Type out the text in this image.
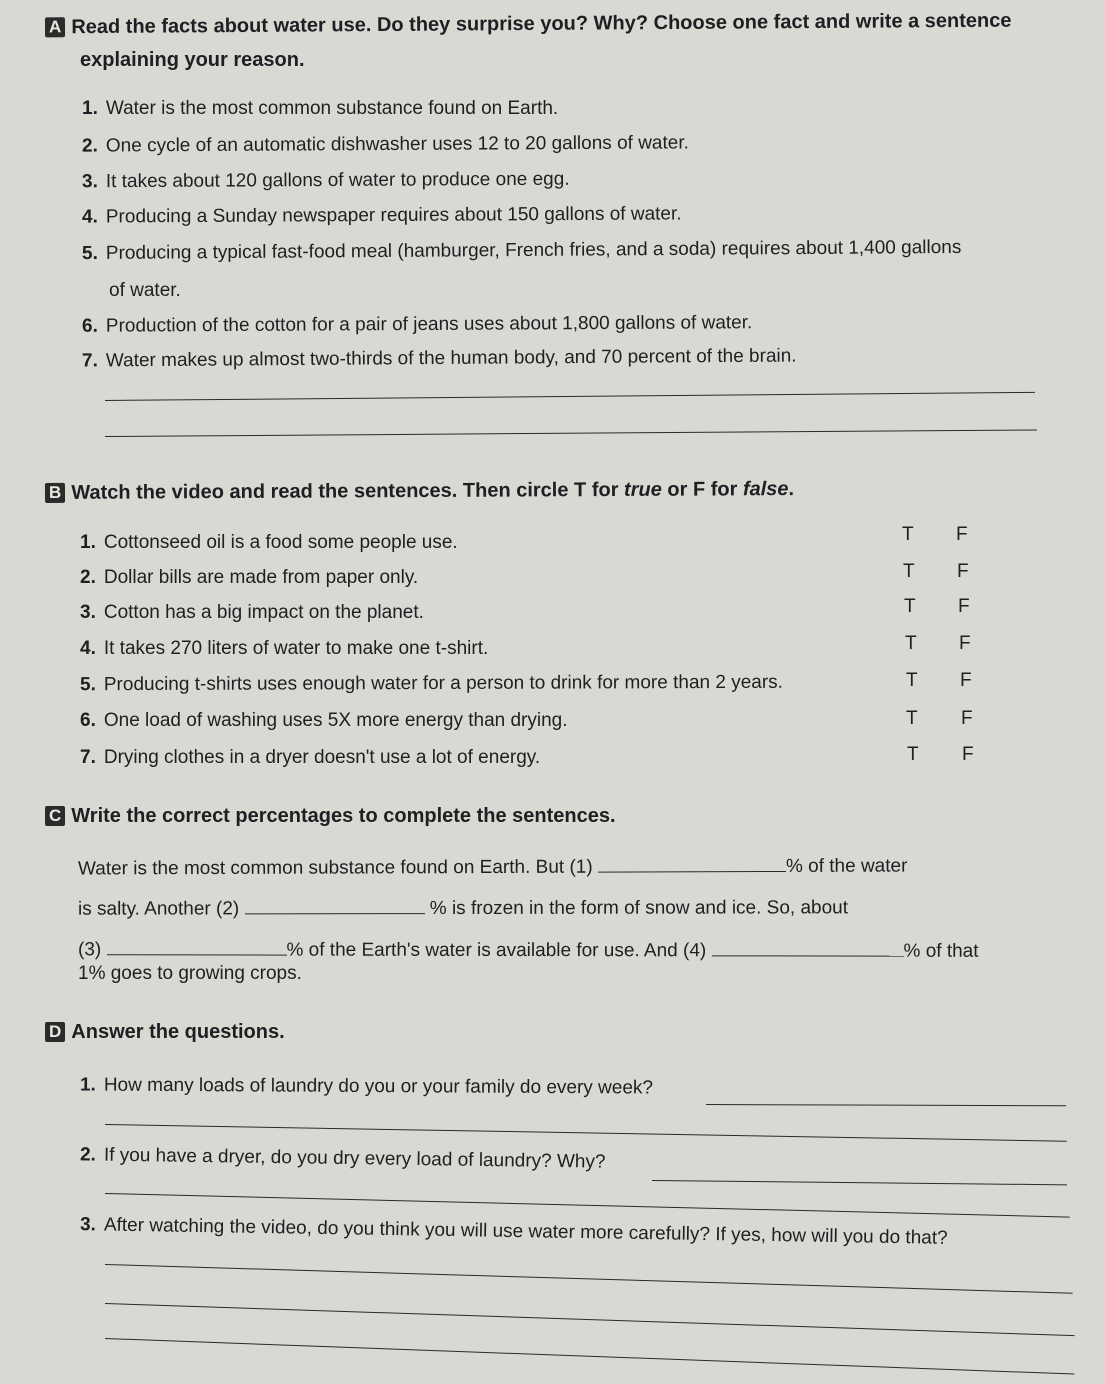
A Read the facts about water use. Do they surprise you? Why? Choose one fact and write a sentence
explaining your reason.
1. Water is the most common substance found on Earth.
2. One cycle of an automatic dishwasher uses 12 to 20 gallons of water.
3. It takes about 120 gallons of water to produce one egg.
4. Producing a Sunday newspaper requires about 150 gallons of water.
5. Producing a typical fast-food meal (hamburger, French fries, and a soda) requires about 1,400 gallons
of water.
6. Production of the cotton for a pair of jeans uses about 1,800 gallons of water.
7. Water makes up almost two-thirds of the human body, and 70 percent of the brain.
B Watch the video and read the sentences. Then circle T for true or F for false.
1. Cottonseed oil is a food some people use.	T F
2. Dollar bills are made from paper only.	T F
3. Cotton has a big impact on the planet.	T F
4. It takes 270 liters of water to make one t-shirt.	T F
5. Producing t-shirts uses enough water for a person to drink for more than 2 years.	T F
6. One load of washing uses 5X more energy than drying.	T F
7. Drying clothes in a dryer doesn't use a lot of energy.	T F
C Write the correct percentages to complete the sentences.
Water is the most common substance found on Earth. But (1)	% of the water
is salty. Another (2)	% is frozen in the form of snow and ice. So, about
(3)	% of the Earth's water is available for use. And (4)	% of that
1% goes to growing crops.
D Answer the questions.
1. How many loads of laundry do you or your family do every week?
2. If you have a dryer, do you dry every load of laundry? Why?
3. After watching the video, do you think you will use water more carefully? If yes, how will you do that?
